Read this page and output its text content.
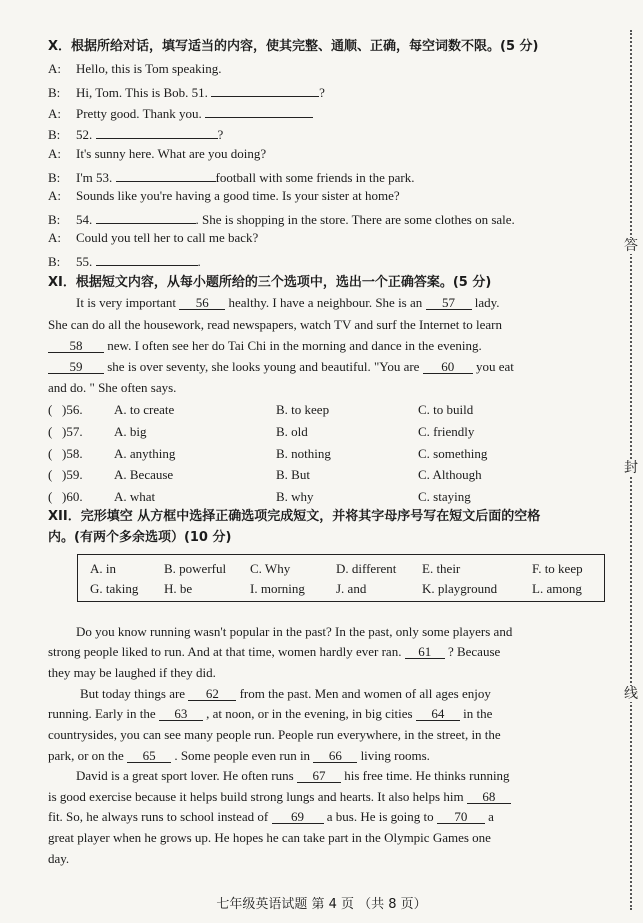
X．根据所给对话，填写适当的内容，使其完整、通顺、正确，每空词数不限。(5 分)
A: Hello, this is Tom speaking.
B: Hi, Tom. This is Bob. 51.	?
A: Pretty good. Thank you.
B: 52.	?
A: It's sunny here. What are you doing?
B: I'm 53.	football with some friends in the park.
A: Sounds like you're having a good time. Is your sister at home?
B: 54.	. She is shopping in the store. There are some clothes on sale.
A: Could you tell her to call me back?
B: 55.	.
XI．根据短文内容，从每小题所给的三个选项中，选出一个正确答案。(5 分)
It is very important 56 healthy. I have a neighbour. She is an 57 lady.
She can do all the housework, read newspapers, watch TV and surf the Internet to learn
58 new. I often see her do Tai Chi in the morning and dance in the evening.
59 she is over seventy, she looks young and beautiful. "You are 60 you eat
and do. " She often says.
( )56. A. to create	B. to keep	C. to build
( )57. A. big	B. old	C. friendly
( )58. A. anything	B. nothing	C. something
( )59. A. Because	B. But	C. Although
( )60. A. what	B. why	C. staying
XII．完形填空 从方框中选择正确选项完成短文，并将其字母序号写在短文后面的空格
内。(有两个多余选项）(10 分)
A. in	B. powerful C. Why	D. different E. their	F. to keep
G. taking H. be	I. morning J. and	K. playground	L. among
Do you know running wasn't popular in the past? In the past, only some players and
strong people liked to run. And at that time, women hardly ever ran. 61 ? Because
they may be laughed if they did.
But today things are 62 from the past. Men and women of all ages enjoy
running. Early in the 63 , at noon, or in the evening, in big cities 64 in the
countrysides, you can see many people run. People run everywhere, in the street, in the
park, or on the 65 . Some people even run in 66 living rooms.
David is a great sport lover. He often runs 67 his free time. He thinks running
is good exercise because it helps build strong lungs and hearts. It also helps him 68
fit. So, he always runs to school instead of 69 a bus. He is going to 70 a
great player when he grows up. He hopes he can take part in the Olympic Games one
day.
答
封
线
七年级英语试题 第 4 页 （共 8 页）
